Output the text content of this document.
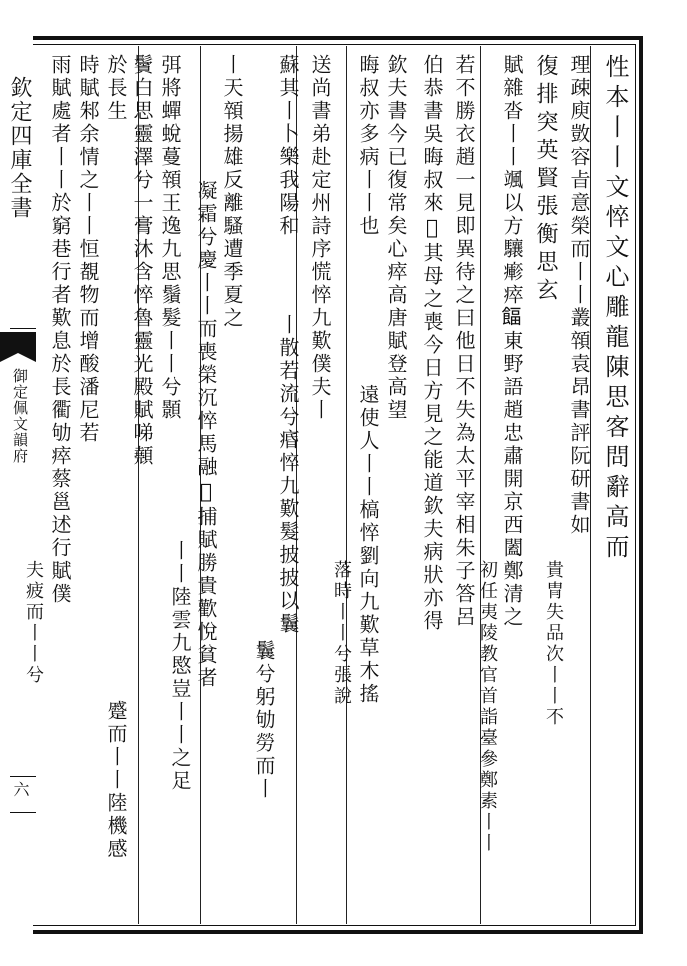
欽定四庫全書
御定佩文韻府
六
性本丨丨文悴文心雕龍陳思客問辭高而
理疎庾敳容㫖意榮而丨丨叢顇袁昂書評阮研書如
貴冑失品次丨丨不
復排突英賢張衡思玄
賦雜沓丨丨颯以方驤𤺋瘁𩜰東野語趙忠肅開京西闔鄭清之
初任夷陵教官首詣臺參鄭素丨丨
若不勝衣趙一見即異待之曰他日不失為太平宰相朱子答呂
伯恭書吳晦叔來𦭘其母之喪今日方見之能道欽夫病狀亦得
欽夫書今已復常矣心瘁高唐賦登高望
晦叔亦多病丨丨也
遠使人丨丨槁悴劉向九歎草木搖
落時丨丨兮張說
送尚書弟赴定州詩序慌悴九歎僕夫丨
蘇其丨卜樂我陽和
丨散若流兮痻悴九歎髮披披以鬤
鬤兮躬劬勞而丨
丨天顇揚雄反離騷遭季夏之
凝霜兮慶丨丨而喪榮沉悴馬融𢧐捕賦勝貴歡悅貧者
丨丨陸雲九愍豈丨丨之足
弭將蟬蛻蔓顇王逸九思鬚髮丨丨兮顥
鬢白思靈澤兮一膏沐含悴魯靈光殿賦㖒顤
於長生
蹙而丨丨陸機感
時賦邾余情之丨丨恒覩物而增酸潘尼若
雨賦處者丨丨於窮巷行者歎息於長衢劬瘁蔡邕述行賦僕
夫疲而丨丨兮
